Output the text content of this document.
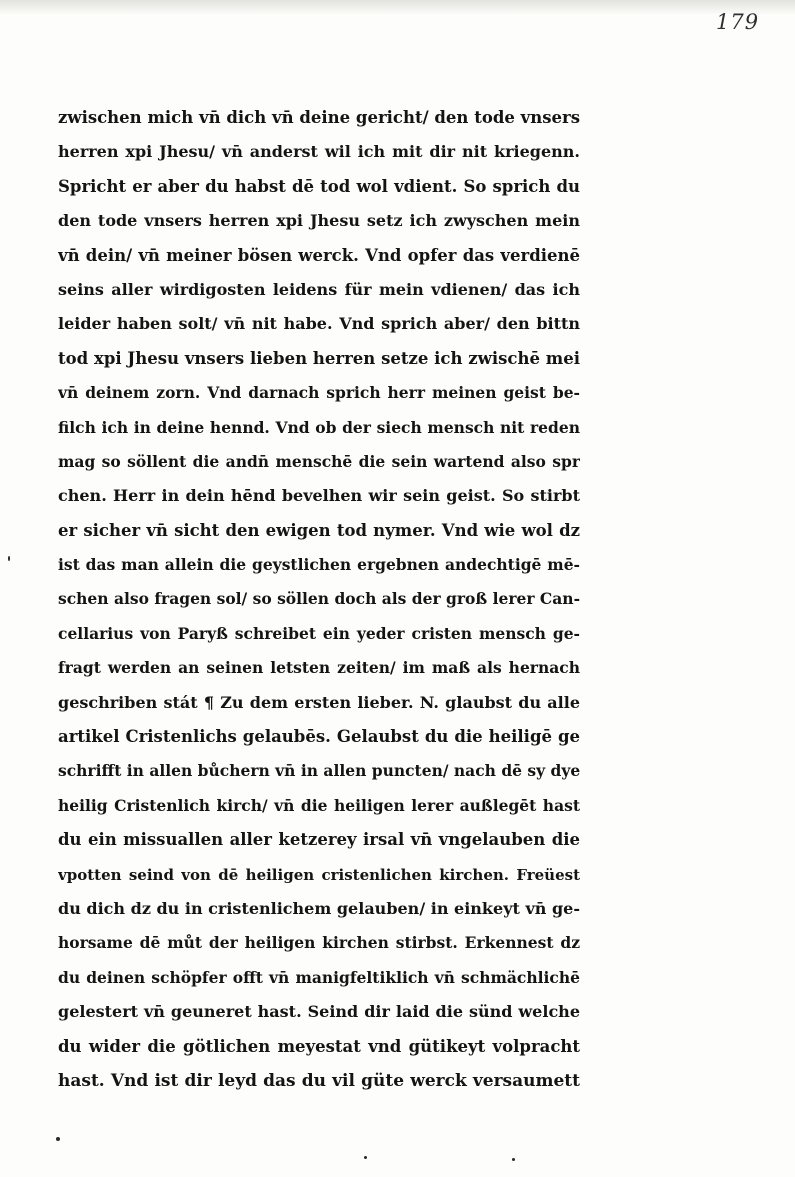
179
zwischen mich vn̄ dich vn̄ deine gericht/ den tode vnsers
herren xpi Jhesu/ vn̄ anderst wil ich mit dir nit kriegenn.
Spricht er aber du habst dē tod wol vdient. So sprich du
den tode vnsers herren xpi Jhesu setz ich zwyschen mein
vn̄ dein/ vn̄ meiner bösen werck. Vnd opfer das verdienē
seins aller wirdigosten leidens für mein vdienen/ das ich
leider haben solt/ vn̄ nit habe. Vnd sprich aber/ den bittn
tod xpi Jhesu vnsers lieben herren setze ich zwischē mei
vn̄ deinem zorn. Vnd darnach sprich herr meinen geist be-
filch ich in deine hennd. Vnd ob der siech mensch nit reden
mag so söllent die andn̄ menschē die sein wartend also spr
chen. Herr in dein hēnd bevelhen wir sein geist. So stirbt
er sicher vn̄ sicht den ewigen tod nymer. Vnd wie wol dz
ist das man allein die geystlichen ergebnen andechtigē mē-
schen also fragen sol/ so söllen doch als der groß lerer Can-
cellarius von Paryß schreibet ein yeder cristen mensch ge-
fragt werden an seinen letsten zeiten/ im maß als hernach
geschriben stát ¶ Zu dem ersten lieber. N. glaubst du alle
artikel Cristenlichs gelaubēs. Gelaubst du die heiligē ge
schrifft in allen bůchern vn̄ in allen puncten/ nach dē sy dye
heilig Cristenlich kirch/ vn̄ die heiligen lerer außlegēt hast
du ein missuallen aller ketzerey irsal vn̄ vngelauben die
vpotten seind von dē heiligen cristenlichen kirchen. Freüest
du dich dz du in cristenlichem gelauben/ in einkeyt vn̄ ge-
horsame dē můt der heiligen kirchen stirbst. Erkennest dz
du deinen schöpfer offt vn̄ manigfeltiklich vn̄ schmächlichē
gelestert vn̄ geuneret hast. Seind dir laid die sünd welche
du wider die götlichen meyestat vnd gütikeyt volpracht
hast. Vnd ist dir leyd das du vil güte werck versaumett
